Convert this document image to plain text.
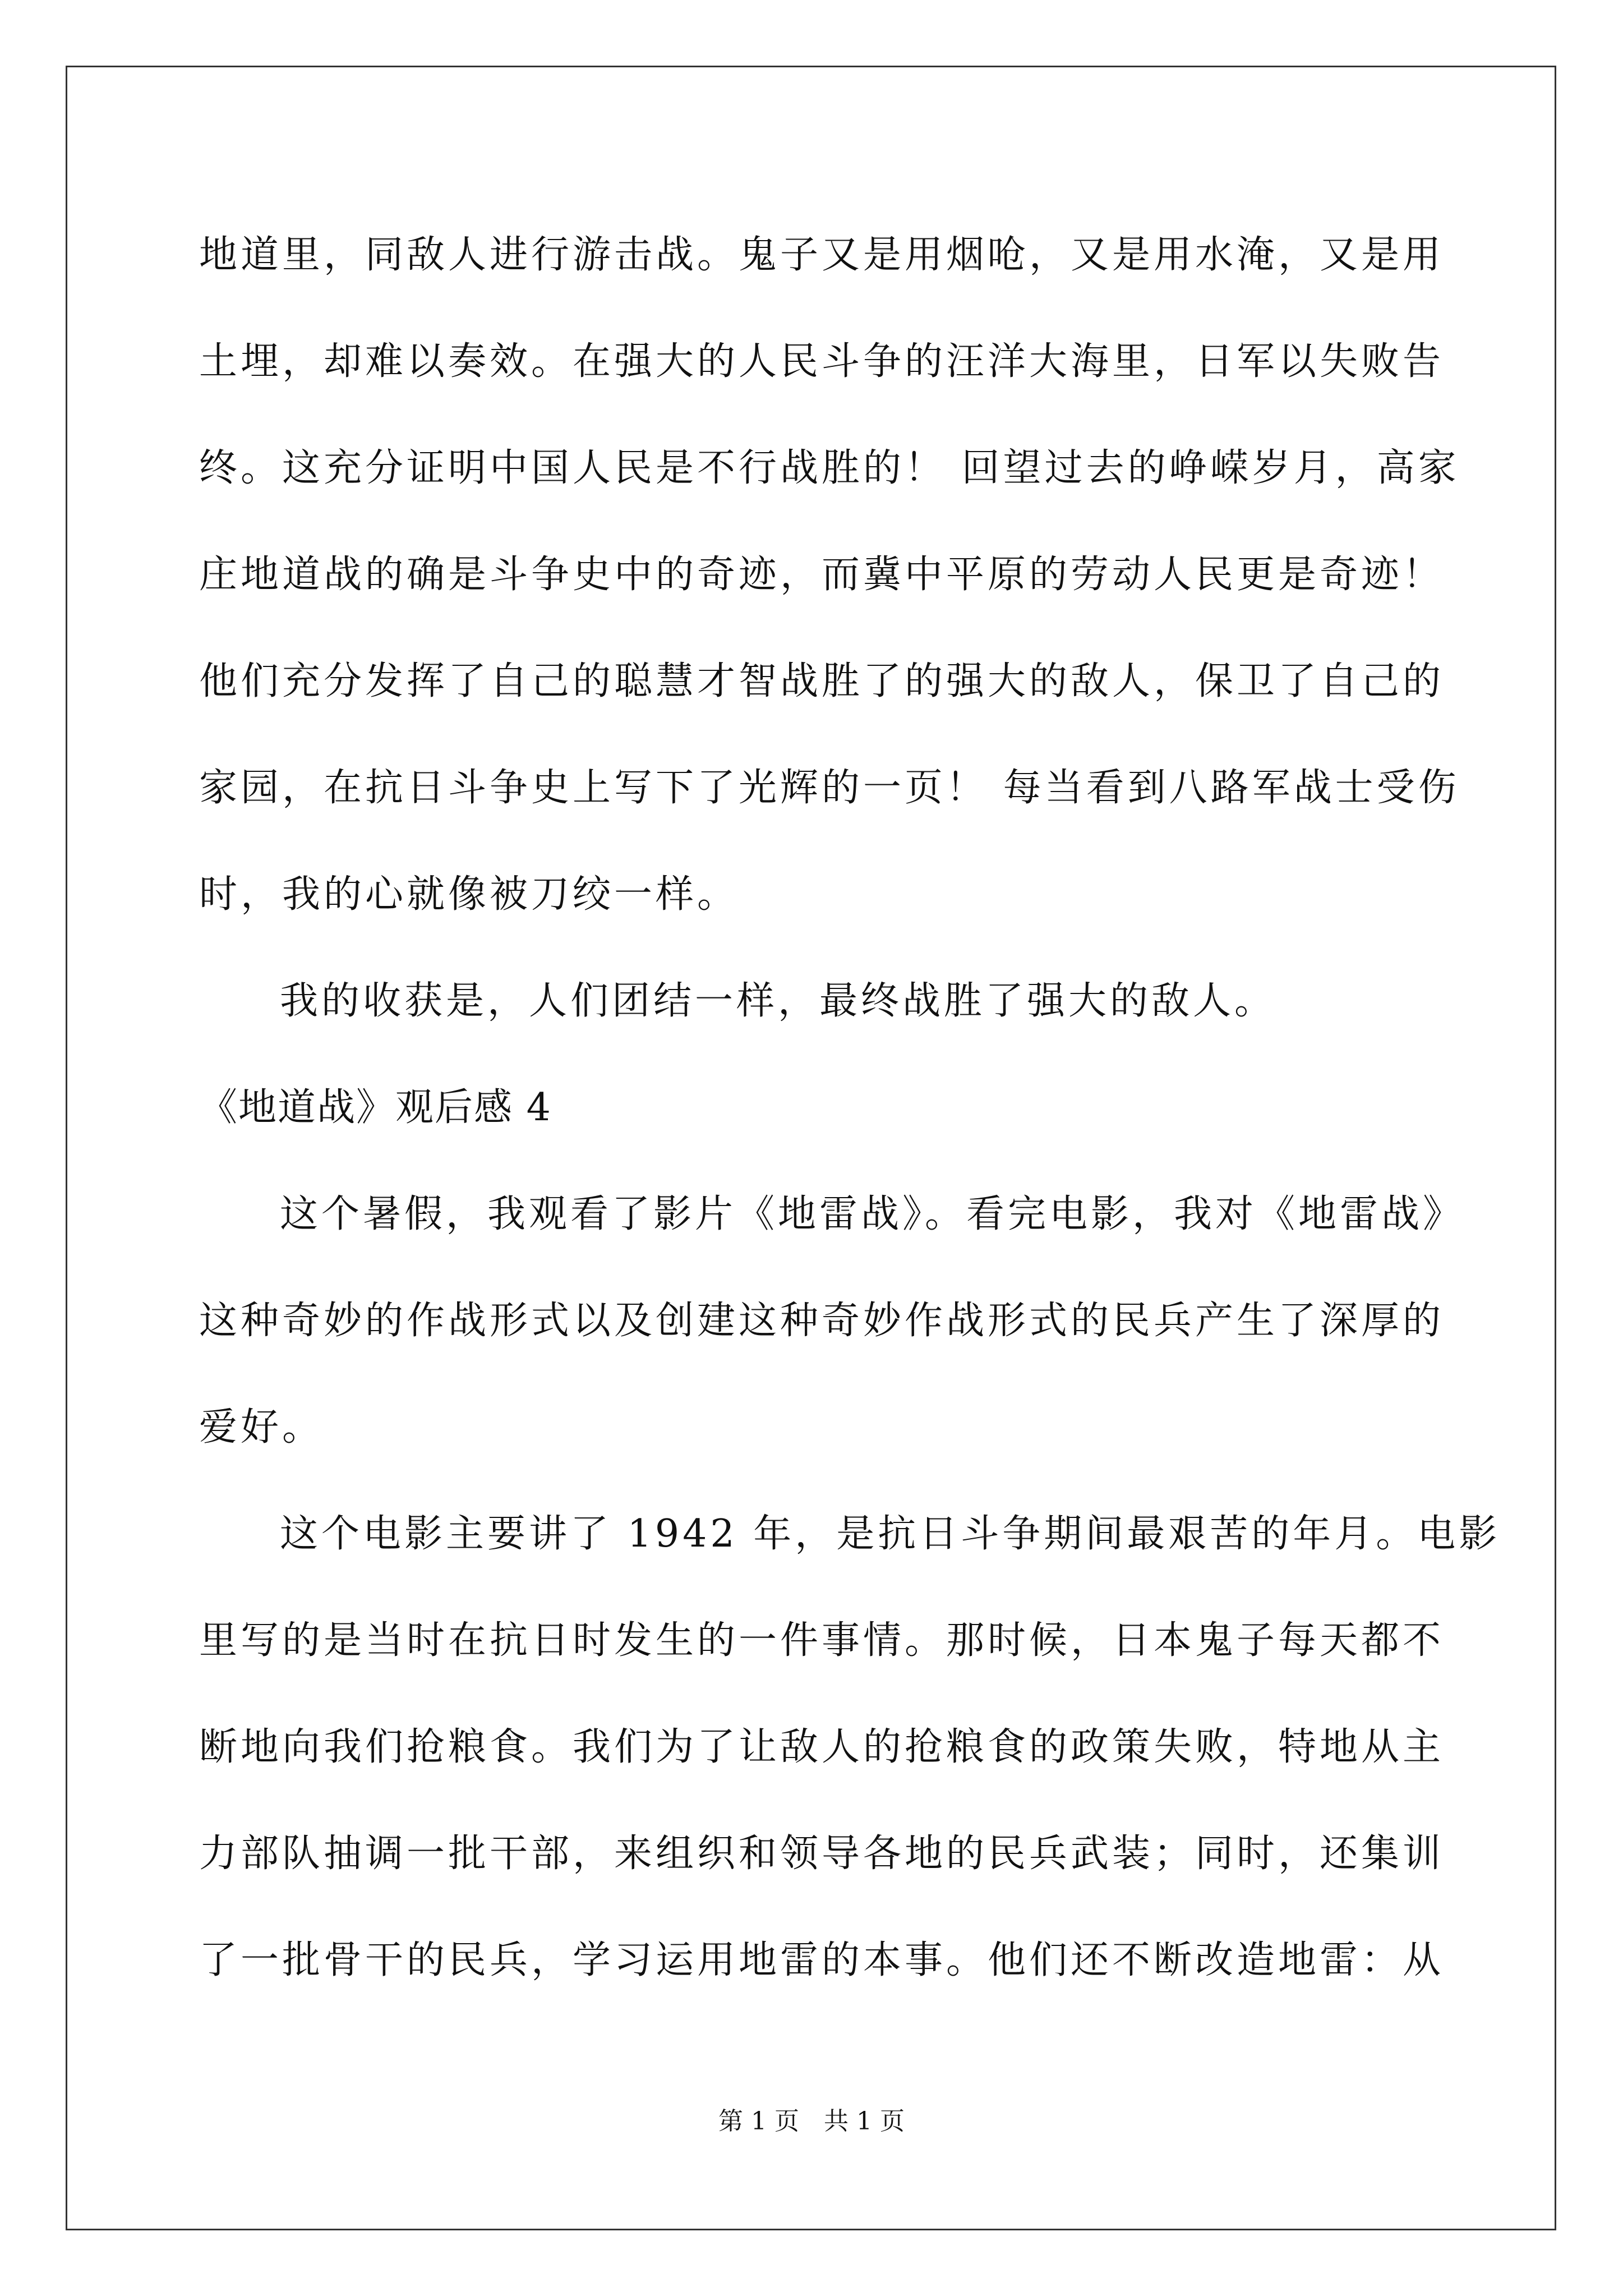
地道里，同敌人进行游击战。鬼子又是用烟呛，又是用水淹，又是用
土埋，却难以奏效。在强大的人民斗争的汪洋大海里，日军以失败告
终。这充分证明中国人民是不行战胜的！ 回望过去的峥嵘岁月，高家
庄地道战的确是斗争史中的奇迹，而冀中平原的劳动人民更是奇迹！
他们充分发挥了自己的聪慧才智战胜了的强大的敌人，保卫了自己的
家园，在抗日斗争史上写下了光辉的一页！ 每当看到八路军战士受伤
时，我的心就像被刀绞一样。
我的收获是，人们团结一样，最终战胜了强大的敌人。
《地道战》观后感 4
这个暑假，我观看了影片《地雷战》。看完电影，我对《地雷战》
这种奇妙的作战形式以及创建这种奇妙作战形式的民兵产生了深厚的
爱好。
这个电影主要讲了 1942 年，是抗日斗争期间最艰苦的年月。电影
里写的是当时在抗日时发生的一件事情。那时候，日本鬼子每天都不
断地向我们抢粮食。我们为了让敌人的抢粮食的政策失败，特地从主
力部队抽调一批干部，来组织和领导各地的民兵武装；同时，还集训
了一批骨干的民兵，学习运用地雷的本事。他们还不断改造地雷：从
第 1 页　共 1 页
